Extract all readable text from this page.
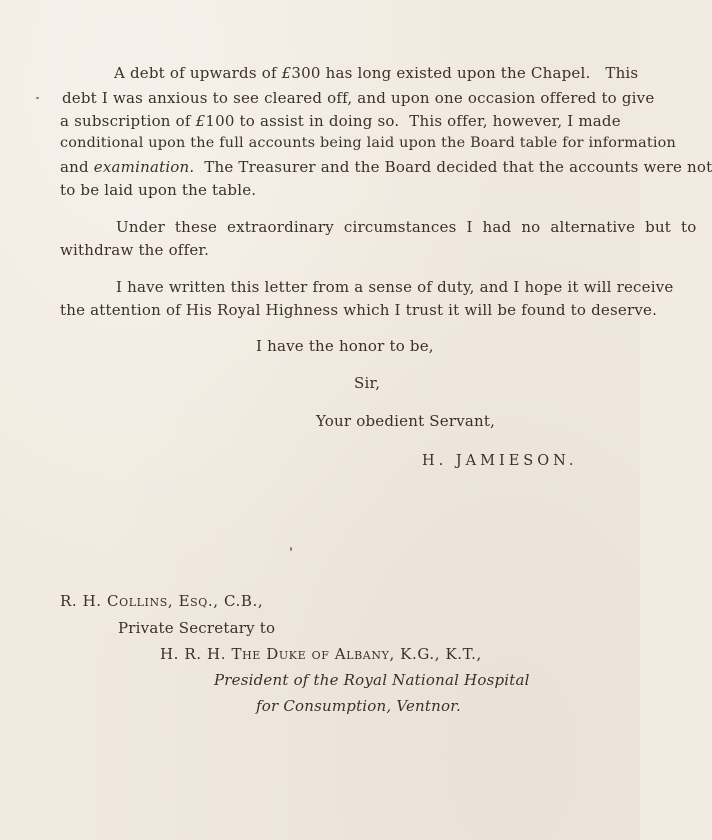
A debt of upwards of £300 has long existed upon the Chapel. This
debt I was anxious to see cleared off, and upon one occasion offered to give
a subscription of £100 to assist in doing so. This offer, however, I made
conditional upon the full accounts being laid upon the Board table for information
and examination. The Treasurer and the Board decided that the accounts were not
to be laid upon the table.
Under these extraordinary circumstances I had no alternative but to
withdraw the offer.
I have written this letter from a sense of duty, and I hope it will receive
the attention of His Royal Highness which I trust it will be found to deserve.
I have the honor to be,
Sir,
Your obedient Servant,
H. JAMIESON.
R. H. Collins, Esq., C.B.,
Private Secretary to
H. R. H. The Duke of Albany, K.G., K.T.,
President of the Royal National Hospital
for Consumption, Ventnor.
